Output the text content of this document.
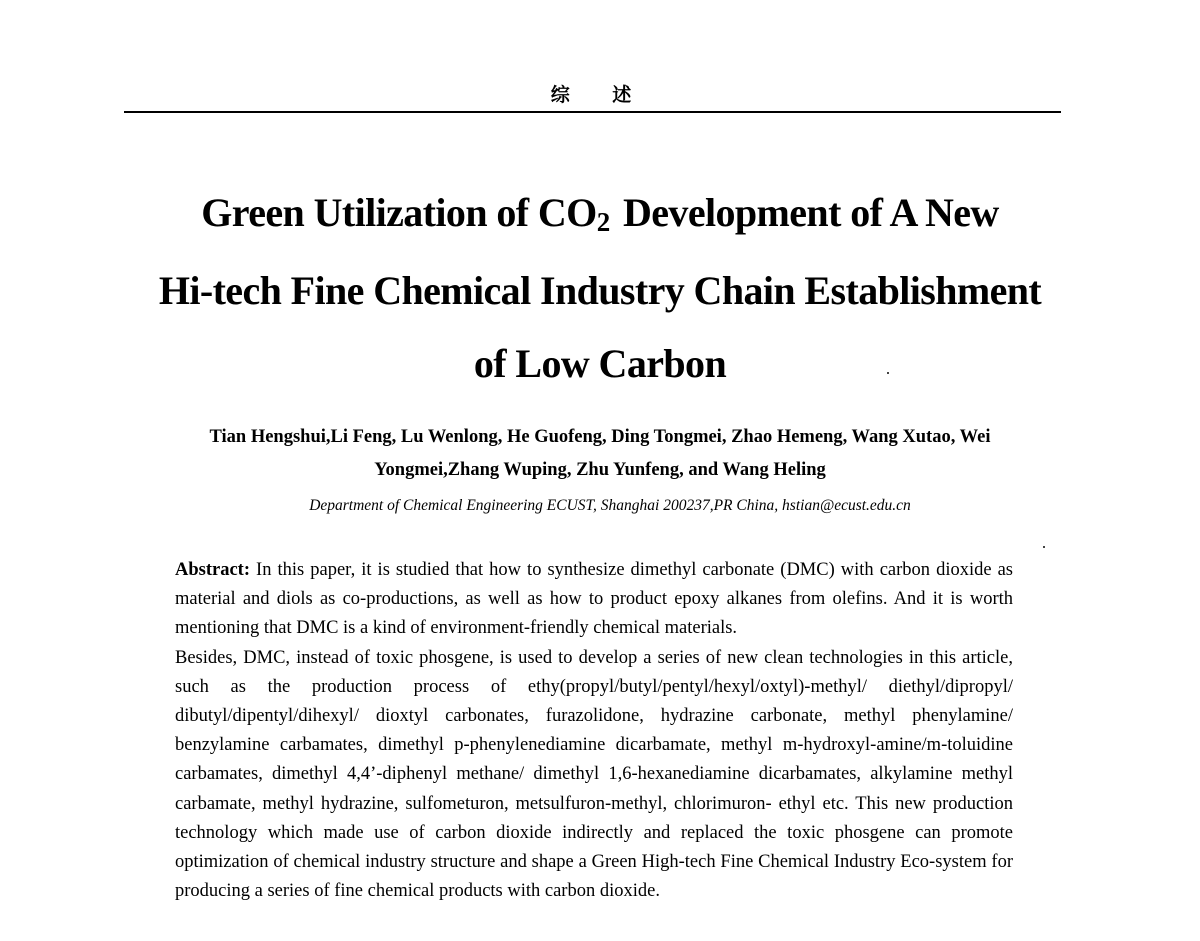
综 述
Green Utilization of $CO_2$ Development of A New
Hi-tech Fine Chemical Industry Chain Establishment
of Low Carbon
Tian Hengshui,Li Feng, Lu Wenlong, He Guofeng, Ding Tongmei, Zhao Hemeng, Wang Xutao, Wei
Yongmei,Zhang Wuping, Zhu Yunfeng, and Wang Heling
Department of Chemical Engineering ECUST, Shanghai 200237,PR China, hstian@ecust.edu.cn

Abstract: In this paper, it is studied that how to synthesize dimethyl carbonate (DMC) with carbon dioxide as material and diols as co-productions, as well as how to product epoxy alkanes from olefins. And it is worth mentioning that DMC is a kind of environment-friendly chemical materials.

Besides, DMC, instead of toxic phosgene, is used to develop a series of new clean technologies in this article, such as the production process of ethy(propyl/butyl/pentyl/hexyl/oxtyl)-methyl/ diethyl/dipropyl/ dibutyl/dipentyl/dihexyl/ dioxtyl carbonates, furazolidone, hydrazine carbonate, methyl phenylamine/ benzylamine carbamates, dimethyl p-phenylenediamine dicarbamate, methyl m-hydroxyl-amine/m-toluidine carbamates, dimethyl 4,4’-diphenyl methane/ dimethyl 1,6-hexanediamine dicarbamates, alkylamine methyl carbamate, methyl hydrazine, sulfometuron, metsulfuron-methyl, chlorimuron- ethyl etc. This new production technology which made use of carbon dioxide indirectly and replaced the toxic phosgene can promote optimization of chemical industry structure and shape a Green High-tech Fine Chemical Industry Eco-system for producing a series of fine chemical products with carbon dioxide.
